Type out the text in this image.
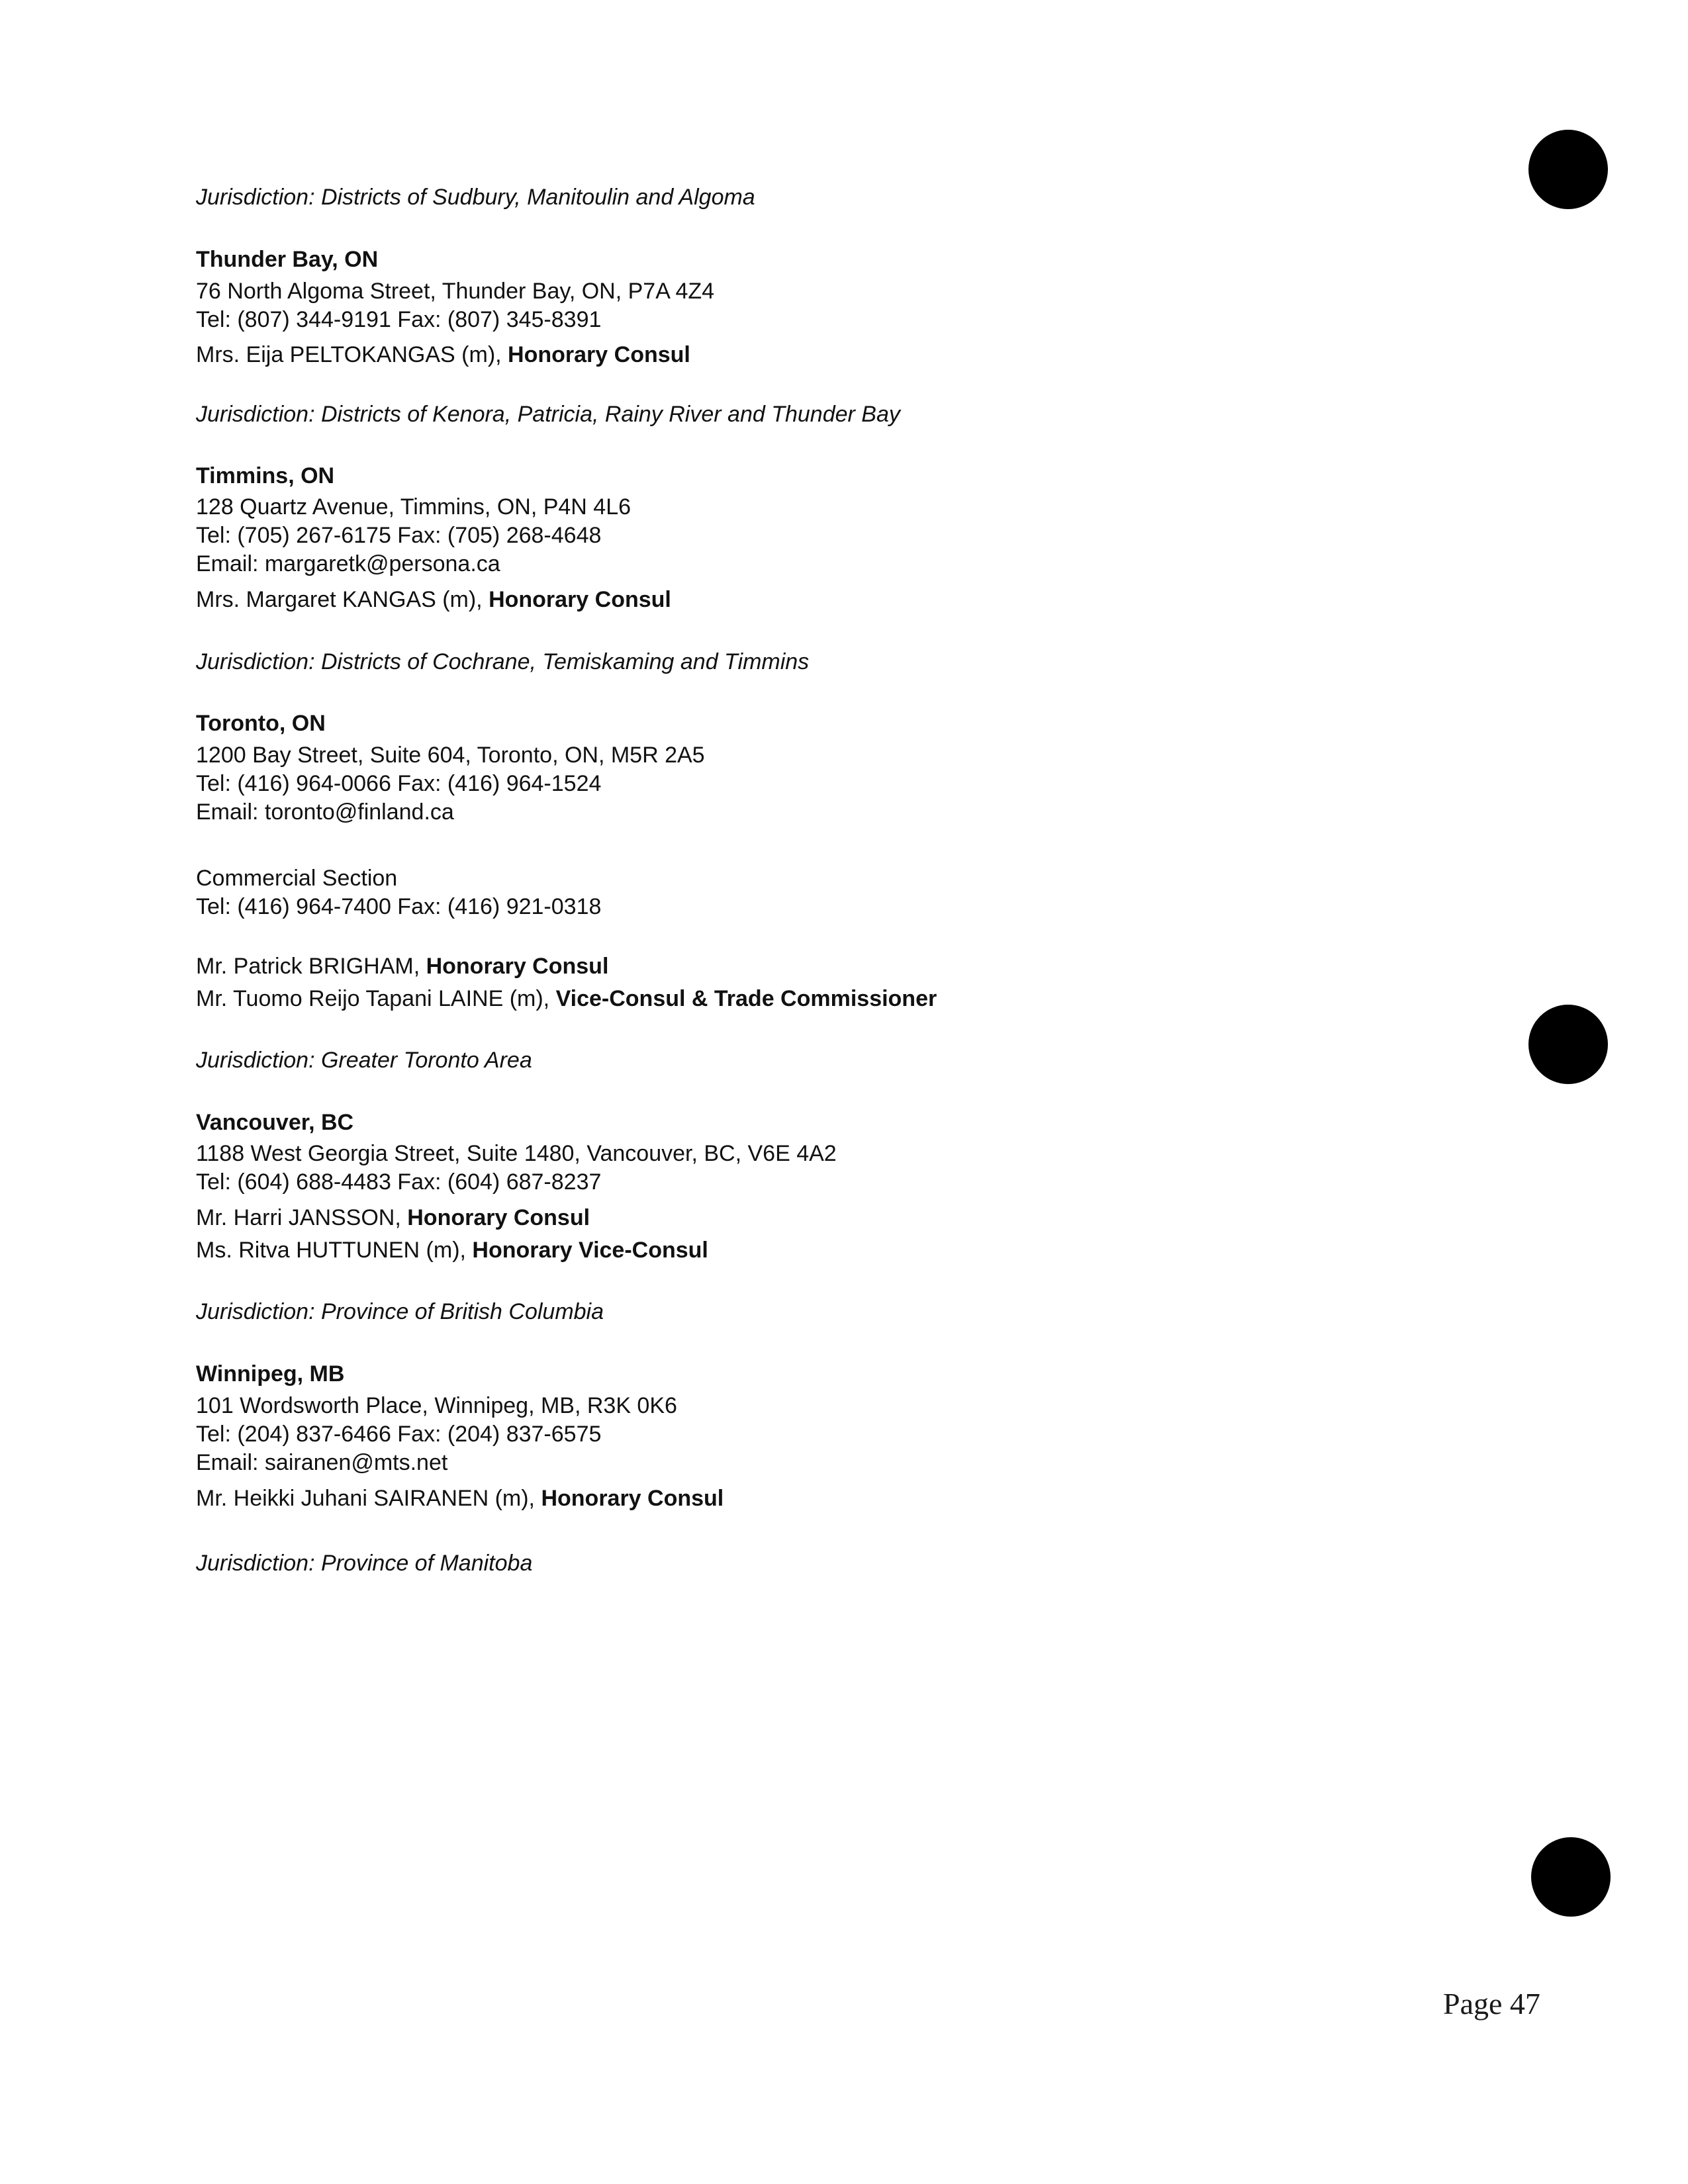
Jurisdiction: Districts of Sudbury, Manitoulin and Algoma
Thunder Bay, ON
76 North Algoma Street, Thunder Bay, ON, P7A 4Z4
Tel: (807) 344-9191 Fax: (807) 345-8391
Mrs. Eija PELTOKANGAS (m), Honorary Consul
Jurisdiction: Districts of Kenora, Patricia, Rainy River and Thunder Bay
Timmins, ON
128 Quartz Avenue, Timmins, ON, P4N 4L6
Tel: (705) 267-6175 Fax: (705) 268-4648
Email: margaretk@persona.ca
Mrs. Margaret KANGAS (m), Honorary Consul
Jurisdiction: Districts of Cochrane, Temiskaming and Timmins
Toronto, ON
1200 Bay Street, Suite 604, Toronto, ON, M5R 2A5
Tel: (416) 964-0066 Fax: (416) 964-1524
Email: toronto@finland.ca
Commercial Section
Tel: (416) 964-7400 Fax: (416) 921-0318
Mr. Patrick BRIGHAM, Honorary Consul
Mr. Tuomo Reijo Tapani LAINE (m), Vice-Consul & Trade Commissioner
Jurisdiction: Greater Toronto Area
Vancouver, BC
1188 West Georgia Street, Suite 1480, Vancouver, BC, V6E 4A2
Tel: (604) 688-4483 Fax: (604) 687-8237
Mr. Harri JANSSON, Honorary Consul
Ms. Ritva HUTTUNEN (m), Honorary Vice-Consul
Jurisdiction: Province of British Columbia
Winnipeg, MB
101 Wordsworth Place, Winnipeg, MB, R3K 0K6
Tel: (204) 837-6466 Fax: (204) 837-6575
Email: sairanen@mts.net
Mr. Heikki Juhani SAIRANEN (m), Honorary Consul
Jurisdiction: Province of Manitoba
Page 47
